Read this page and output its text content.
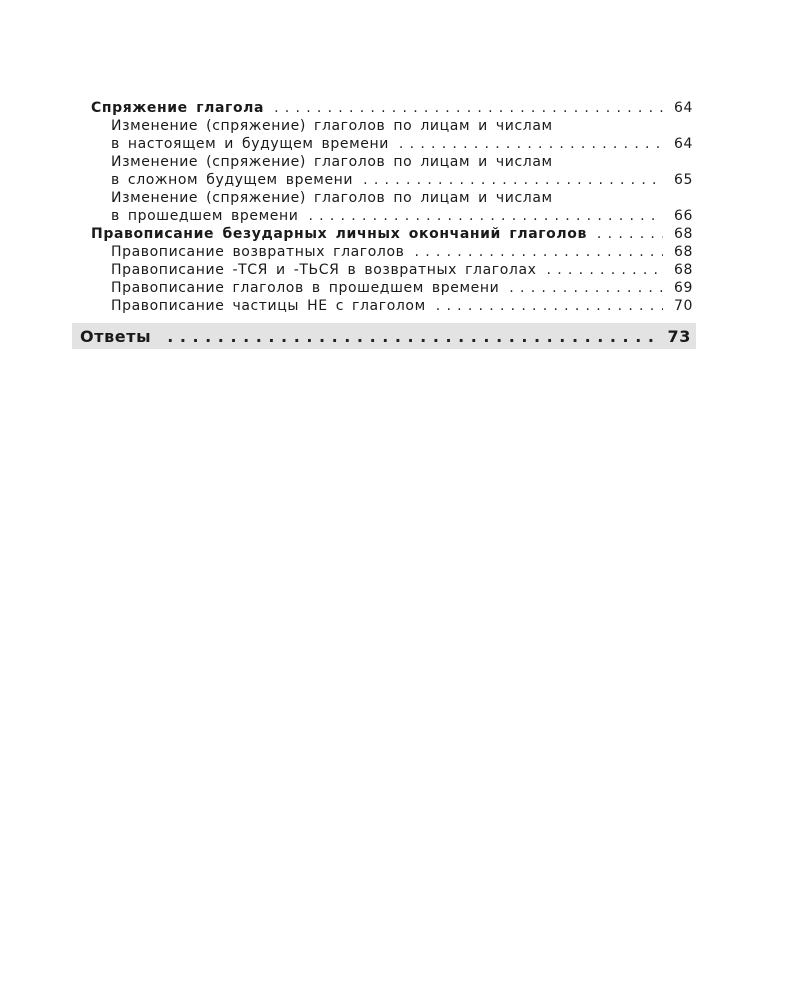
Спряжение глагола . . .	64
Изменение (спряжение) глаголов по лицам и числам
в настоящем и будущем времени . . .	64
Изменение (спряжение) глаголов по лицам и числам
в сложном будущем времени . . .	65
Изменение (спряжение) глаголов по лицам и числам
в прошедшем времени . . .	66
Правописание безударных личных окончаний глаголов . . .	68
Правописание возвратных глаголов . . .	68
Правописание -ТСЯ и -ТЬСЯ в возвратных глаголах . . .	68
Правописание глаголов в прошедшем времени . . .	69
Правописание частицы НЕ с глаголом . . .	70
Ответы . . .	73
